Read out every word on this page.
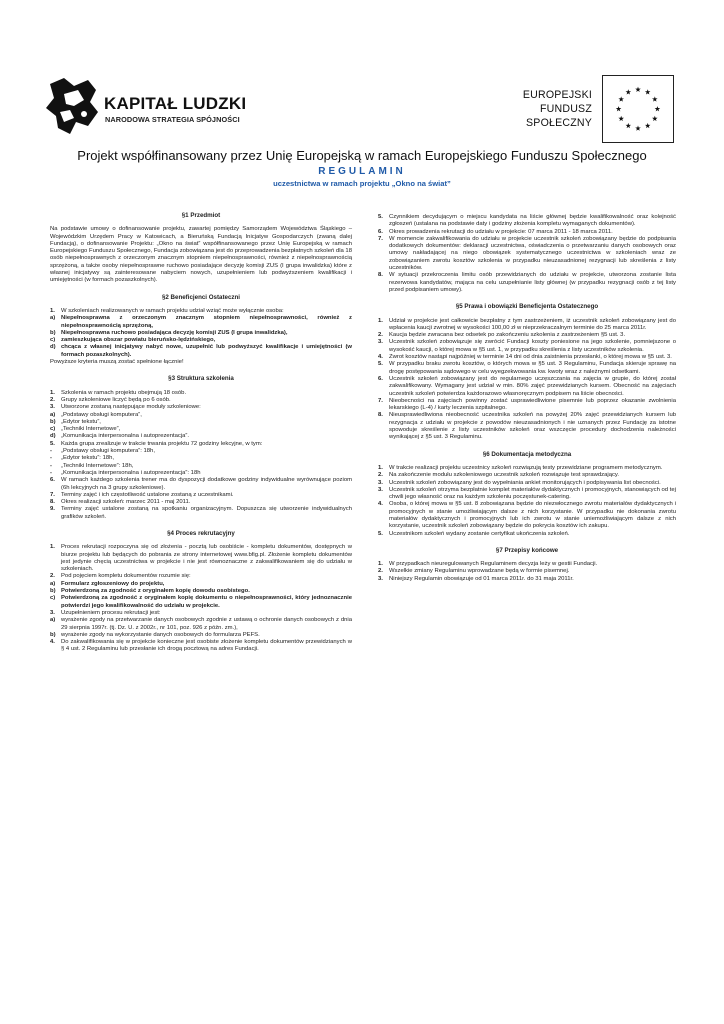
KAPITAŁ LUDZKI
NARODOWA STRATEGIA SPÓJNOŚCI
EUROPEJSKI
FUNDUSZ SPOŁECZNY
Projekt współfinansowany przez Unię Europejską w ramach Europejskiego Funduszu Społecznego
REGULAMIN
uczestnictwa w ramach projektu „Okno na świat”
§1 Przedmiot
Na podstawie umowy o dofinansowanie projektu, zawartej pomiędzy Samorządem Województwa Śląskiego – Wojewódzkim Urzędem Pracy w Katowicach, a Bieruńską Fundacją Inicjatyw Gospodarczych (zwaną dalej Fundacją), o dofinansowanie Projektu: „Okno na świat” współfinansowanego przez Unię Europejską w ramach Europejskiego Funduszu Społecznego, Fundacja zobowiązana jest do przeprowadzenia bezpłatnych szkoleń dla 18 osób niepełnosprawnych z orzeczonym znacznym stopniem niepełnosprawności, również z niepełnosprawnością sprzężoną, a także osoby niepełnosprawne ruchowo posiadające decyzję komisji ZUS (I grupa inwalidzka) które z własnej inicjatywy są zainteresowane nabyciem nowych, uzupełnieniem lub podwyższeniem kwalifikacji i umiejętności (w formach pozaszkolnych).
§2 Beneficjenci Ostateczni
1.	W szkoleniach realizowanych w ramach projektu udział wziąć może wyłącznie osoba:
a) Niepełnosprawna z orzeczonym znacznym stopniem niepełnosprawności, również z niepełnosprawnością sprzężoną,
b) Niepełnosprawna ruchowo posiadająca decyzję komisji ZUS (I grupa inwalidzka),
c) zamieszkująca obszar powiatu bieruńsko-lędzińskiego,
d) chcąca z własnej inicjatywy nabyć nowe, uzupełnić lub podwyższyć kwalifikacje i umiejętności (w formach pozaszkolnych).
Powyższe kryteria muszą zostać spełnione łącznie!
§3 Struktura szkolenia
1.	Szkolenia w ramach projektu obejmują 18 osób.
2.	Grupy szkoleniowe liczyć będą po 6 osób.
3.	Utworzone zostaną następujące moduły szkoleniowe:
a) „Podstawy obsługi komputera”,
b) „Edytor tekstu”,
c) „Techniki Internetowe”,
d) „Komunikacja interpersonalna i autoprezentacja”.
5.	Każda grupa zrealizuje w trakcie trwania projektu 72 godziny lekcyjne, w tym:
-	„Podstawy obsługi komputera”: 18h,
-	„Edytor tekstu”: 18h,
-	„Techniki Internetowe”: 18h,
-	„Komunikacja interpersonalna i autoprezentacja”: 18h
6.	W ramach każdego szkolenia trener ma do dyspozycji dodatkowe godziny indywidualne wyrównujące poziom (6h lekcyjnych na 3 grupy szkoleniowe).
7.	Terminy zajęć i ich częstotliwość ustalone zostaną z uczestnikami.
8.	Okres realizacji szkoleń: marzec 2011 - maj 2011.
9.	Terminy zajęć ustalone zostaną na spotkaniu organizacyjnym. Dopuszcza się utworzenie indywidualnych grafików szkoleń.
§4 Proces rekrutacyjny
1.	Proces rekrutacji rozpoczyna się od złożenia - pocztą lub osobiście - kompletu dokumentów, dostępnych w biurze projektu lub będących do pobrania ze strony internetowej www.bfig.pl. Złożenie kompletu dokumentów jest jedynie chęcią uczestnictwa w projekcie i nie jest równoznaczne z zakwalifikowaniem się do udziału w szkoleniach.
2.	Pod pojęciem kompletu dokumentów rozumie się:
a) Formularz zgłoszeniowy do projektu,
b) Potwierdzoną za zgodność z oryginałem kopię dowodu osobistego.
c) Potwierdzoną za zgodność z oryginałem kopię dokumentu o niepełnosprawności, który jednoznacznie potwierdzi jego kwalifikowalność do udziału w projekcie.
3.	Uzupełnieniem procesu rekrutacji jest:
a) wyrażenie zgody na przetwarzanie danych osobowych zgodnie z ustawą o ochronie danych osobowych z dnia 29 sierpnia 1997r. (tj. Dz. U. z 2002r., nr 101, poz. 926 z późn. zm.),
b) wyrażenie zgody na wykorzystanie danych osobowych do formularza PEFS.
4.	Do zakwalifikowania się w projekcie konieczne jest osobiste złożenie kompletu dokumentów przewidzianych w § 4 ust. 2 Regulaminu lub przesłanie ich drogą pocztową na adres Fundacji.
5.	Czynnikiem decydującym o miejscu kandydata na liście głównej będzie kwalifikowalność oraz kolejność zgłoszeń (ustalana na podstawie daty i godziny złożenia kompletu wymaganych dokumentów).
6.	Okres prowadzenia rekrutacji do udziału w projekcie: 07 marca 2011 - 18 marca 2011.
7.	W momencie zakwalifikowania do udziału w projekcie uczestnik szkoleń zobowiązany będzie do podpisania dodatkowych dokumentów: deklaracji uczestnictwa, oświadczenia o przetwarzaniu danych osobowych oraz umowy nakładającej na niego obowiązek systematycznego uczestnictwa w szkoleniach wraz ze zobowiązaniem zwrotu kosztów szkolenia w przypadku nieuzasadnionej rezygnacji lub skreślenia z listy uczestników.
8.	W sytuacji przekroczenia limitu osób przewidzianych do udziału w projekcie, utworzona zostanie lista rezerwowa kandydatów, mająca na celu uzupełnianie listy głównej (w przypadku rezygnacji osób z tej listy przed podpisaniem umowy).
§5 Prawa i obowiązki Beneficjenta Ostatecznego
1.	Udział w projekcie jest całkowicie bezpłatny z tym zastrzeżeniem, iż uczestnik szkoleń zobowiązany jest do wpłacenia kaucji zwrotnej w wysokości 100,00 zł w nieprzekraczalnym terminie do 25 marca 2011r.
2.	Kaucja będzie zwracana bez odsetek po zakończeniu szkolenia z zastrzeżeniem §5 ust. 3.
3.	Uczestnik szkoleń zobowiązuje się zwrócić Fundacji koszty poniesione na jego szkolenie, pomniejszone o wysokość kaucji, o której mowa w §5 ust. 1, w przypadku skreślenia z listy uczestników szkolenia.
4.	Zwrot kosztów nastąpi najpóźniej w terminie 14 dni od dnia zaistnienia przesłanki, o której mowa w §5 ust. 3.
5.	W przypadku braku zwrotu kosztów, o których mowa w §5 ust. 3 Regulaminu, Fundacja skieruje sprawę na drogę postępowania sądowego w celu wyegzekwowania kw. kwoty wraz z należnymi odsetkami.
6.	Uczestnik szkoleń zobowiązany jest do regularnego uczęszczania na zajęcia w grupie, do której został zakwalifikowany. Wymagany jest udział w min. 80% zajęć przewidzianych kursem. Obecność na zajęciach uczestnik szkoleń potwierdza każdorazowo własnoręcznym podpisem na liście obecności.
7.	Nieobecności na zajęciach powinny zostać usprawiedliwione pisemnie lub poprzez okazanie zwolnienia lekarskiego (L-4) / karty leczenia szpitalnego.
8.	Nieusprawiedliwiona nieobecność uczestnika szkoleń na powyżej 20% zajęć przewidzianych kursem lub rezygnacja z udziału w projekcie z powodów nieuzasadnionych i nie uznanych przez Fundację za istotne spowoduje skreślenie z listy uczestników szkoleń oraz wszczęcie procedury dochodzenia należności wynikającej z §5 ust. 3 Regulaminu.
§6 Dokumentacja metodyczna
1.	W trakcie realizacji projektu uczestnicy szkoleń rozwiązują testy przewidziane programem metodycznym.
2.	Na zakończenie modułu szkoleniowego uczestnik szkoleń rozwiązuje test sprawdzający.
3.	Uczestnik szkoleń zobowiązany jest do wypełniania ankiet monitorujących i podpisywania list obecności.
3.	Uczestnik szkoleń otrzyma bezpłatnie komplet materiałów dydaktycznych i promocyjnych, stanowiących od tej chwili jego własność oraz na każdym szkoleniu poczęstunek-catering.
4.	Osoba, o której mowa w §5 ust. 8 zobowiązana będzie do niezwłocznego zwrotu materiałów dydaktycznych i promocyjnych w stanie umożliwiającym dalsze z nich korzystanie. W przypadku nie dokonania zwrotu materiałów dydaktycznych i promocyjnych lub ich zwrotu w stanie uniemożliwiającym dalsze z nich korzystanie, uczestnik szkoleń zobowiązany będzie do pokrycia kosztów ich zakupu.
5.	Uczestnikom szkoleń wydany zostanie certyfikat ukończenia szkoleń.
§7 Przepisy końcowe
1.	W przypadkach nieuregulowanych Regulaminem decyzja leży w gestii Fundacji.
2.	Wszelkie zmiany Regulaminu wprowadzane będą w formie pisemnej.
3.	Niniejszy Regulamin obowiązuje od 01 marca 2011r. do 31 maja 2011r.
